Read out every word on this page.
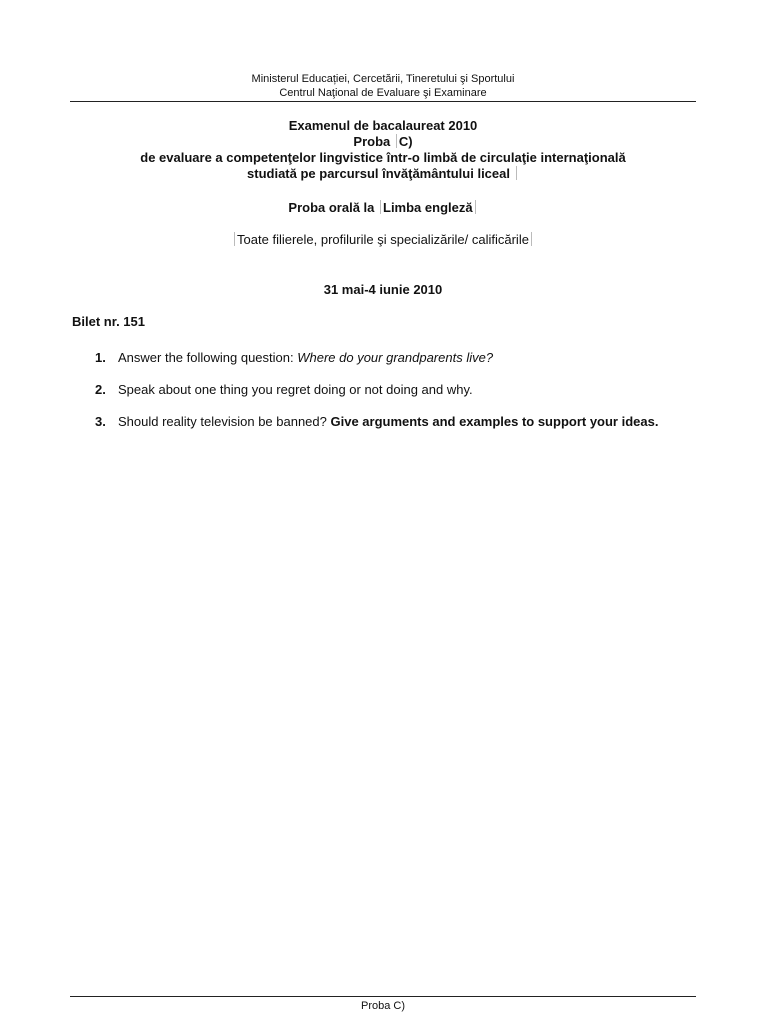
Ministerul Educației, Cercetării, Tineretului şi Sportului
Centrul Naţional de Evaluare şi Examinare
Examenul de bacalaureat 2010
Proba C)
de evaluare a competenţelor lingvistice într-o limbă de circulaţie internaţională
studiată pe parcursul învăţământului liceal
Proba orală la Limba engleză
Toate filierele, profilurile şi specializările/ calificările
31 mai-4 iunie 2010
Bilet nr. 151
1. Answer the following question: Where do your grandparents live?
2. Speak about one thing you regret doing or not doing and why.
3. Should reality television be banned? Give arguments and examples to support your ideas.
Proba C)
